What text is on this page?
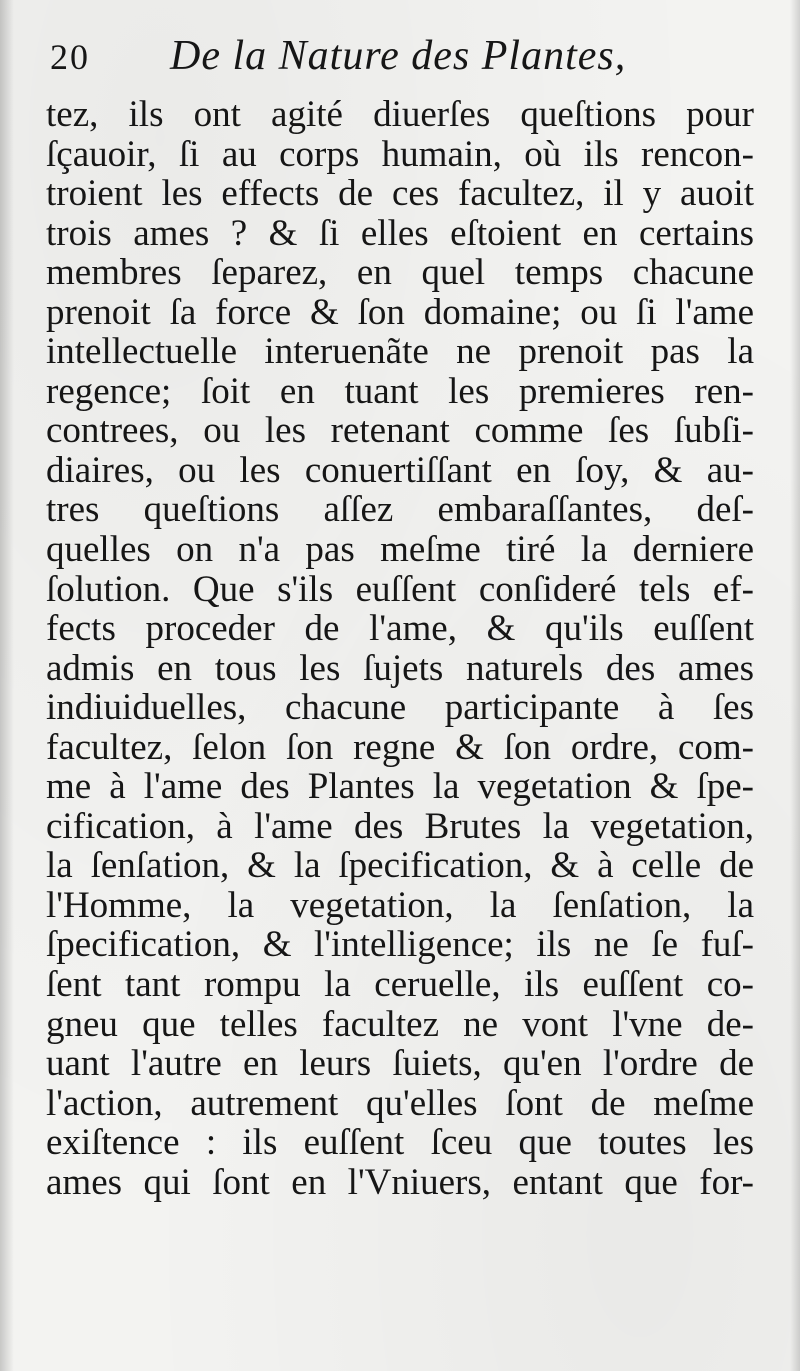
20	De la Nature des Plantes,
tez, ils ont agité diuerſes queſtions pour
ſçauoir, ſi au corps humain, où ils rencon-
troient les effects de ces facultez, il y auoit
trois ames ? & ſi elles eſtoient en certains
membres ſeparez, en quel temps chacune
prenoit ſa force & ſon domaine; ou ſi l'ame
intellectuelle interuenãte ne prenoit pas la
regence; ſoit en tuant les premieres ren-
contrees, ou les retenant comme ſes ſubſi-
diaires, ou les conuertiſſant en ſoy, & au-
tres queſtions aſſez embaraſſantes, deſ-
quelles on n'a pas meſme tiré la derniere
ſolution. Que s'ils euſſent conſideré tels ef-
fects proceder de l'ame, & qu'ils euſſent
admis en tous les ſujets naturels des ames
indiuiduelles, chacune participante à ſes
facultez, ſelon ſon regne & ſon ordre, com-
me à l'ame des Plantes la vegetation & ſpe-
cification, à l'ame des Brutes la vegetation,
la ſenſation, & la ſpecification, & à celle de
l'Homme, la vegetation, la ſenſation, la
ſpecification, & l'intelligence; ils ne ſe fuſ-
ſent tant rompu la ceruelle, ils euſſent co-
gneu que telles facultez ne vont l'vne de-
uant l'autre en leurs ſuiets, qu'en l'ordre de
l'action, autrement qu'elles ſont de meſme
exiſtence : ils euſſent ſceu que toutes les
ames qui ſont en l'Vniuers, entant que for-
